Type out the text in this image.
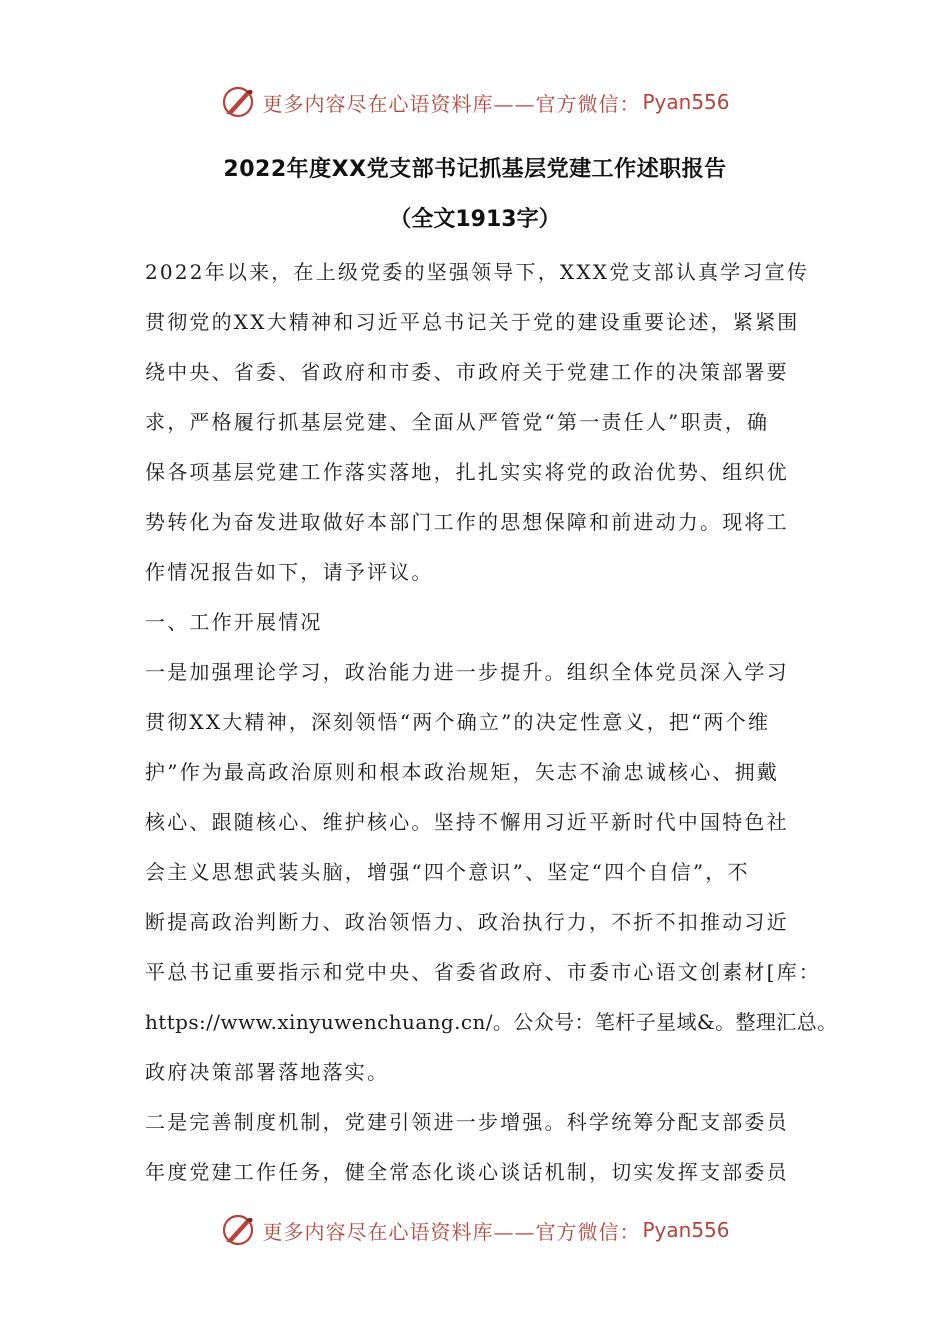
更多内容尽在心语资料库——官方微信： Pyan556
2022年度XX党支部书记抓基层党建工作述职报告
（全文1913字）
2022年以来，在上级党委的坚强领导下，XXX党支部认真学习宣传
贯彻党的XX大精神和习近平总书记关于党的建设重要论述，紧紧围
绕中央、省委、省政府和市委、市政府关于党建工作的决策部署要
求，严格履行抓基层党建、全面从严管党“第一责任人”职责，确
保各项基层党建工作落实落地，扎扎实实将党的政治优势、组织优
势转化为奋发进取做好本部门工作的思想保障和前进动力。现将工
作情况报告如下，请予评议。
一、工作开展情况
一是加强理论学习，政治能力进一步提升。组织全体党员深入学习
贯彻XX大精神，深刻领悟“两个确立”的决定性意义，把“两个维
护”作为最高政治原则和根本政治规矩，矢志不渝忠诚核心、拥戴
核心、跟随核心、维护核心。坚持不懈用习近平新时代中国特色社
会主义思想武装头脑，增强“四个意识”、坚定“四个自信”，不
断提高政治判断力、政治领悟力、政治执行力，不折不扣推动习近
平总书记重要指示和党中央、省委省政府、市委市心语文创素材[库：
https://www.xinyuwenchuang.cn/。公众号：笔杆子星域&。整理汇总。
政府决策部署落地落实。
二是完善制度机制，党建引领进一步增强。科学统筹分配支部委员
年度党建工作任务，健全常态化谈心谈话机制，切实发挥支部委员
更多内容尽在心语资料库——官方微信： Pyan556
